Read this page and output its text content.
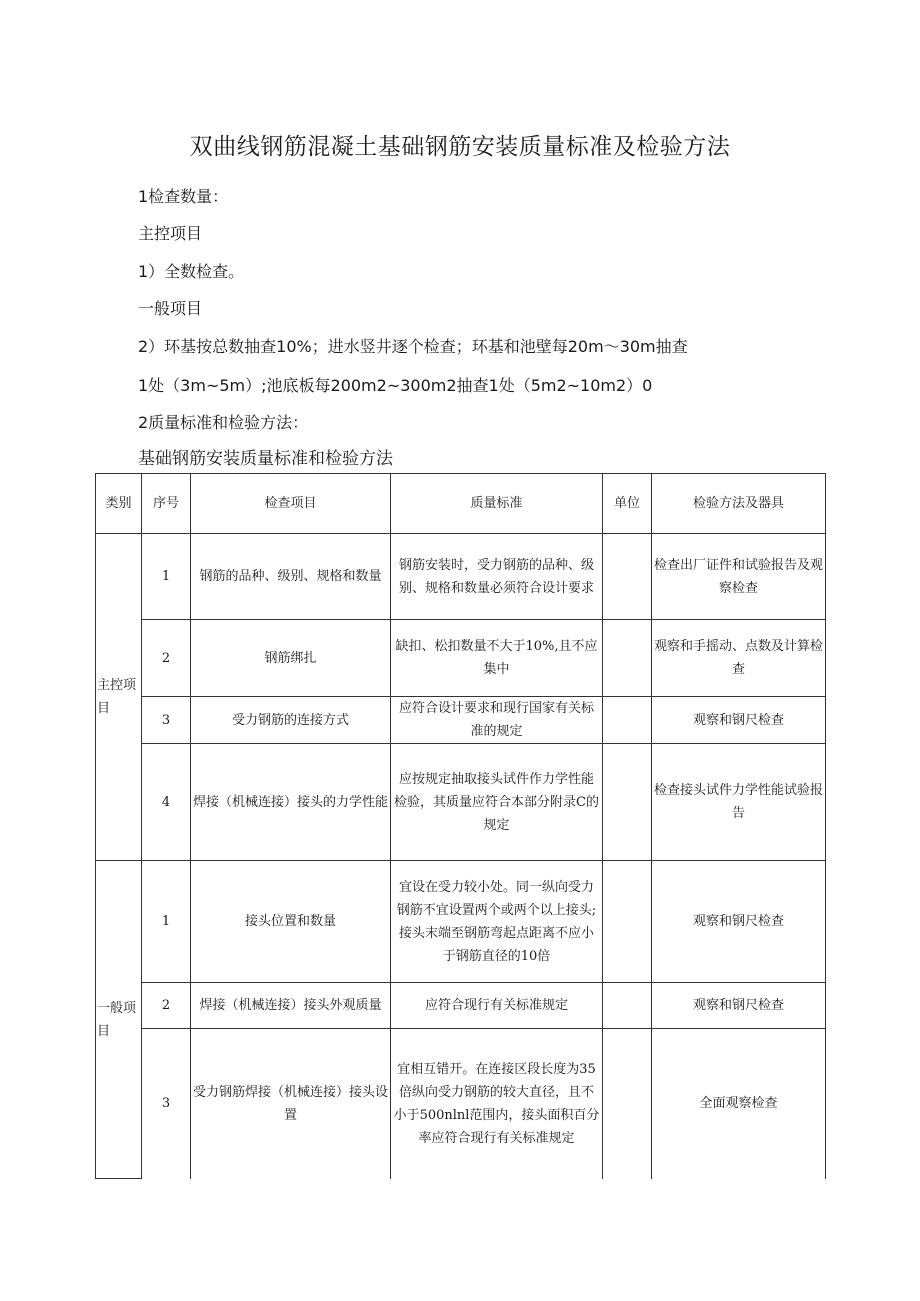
双曲线钢筋混凝土基础钢筋安装质量标准及检验方法
1检查数量：
主控项目
1）全数检查。
一般项目
2）环基按总数抽查10%；进水竖井逐个检查；环基和池壁每20m～30m抽查
1处（3m~5m）;池底板每200m2~300m2抽查1处（5m2~10m2）0
2质量标准和检验方法：
基础钢筋安装质量标准和检验方法
类别	序号	检查项目	质量标准	单位	检验方法及器具
主控项目	1	钢筋的品种、级别、规格和数量	钢筋安装时，受力钢筋的品种、级别、规格和数量必须符合设计要求		检查出厂证件和试验报告及观察检查
	2	钢筋绑扎	缺扣、松扣数量不大于10%,且不应集中		观察和手摇动、点数及计算检查
	3	受力钢筋的连接方式	应符合设计要求和现行国家有关标准的规定		观察和钢尺检查
	4	焊接（机械连接）接头的力学性能	应按规定抽取接头试件作力学性能检验，其质量应符合本部分附录C的规定		检查接头试件力学性能试验报告
一般项目	1	接头位置和数量	宜设在受力较小处。同一纵向受力钢筋不宜设置两个或两个以上接头;接头末端至钢筋弯起点距离不应小于钢筋直径的10倍		观察和钢尺检查
	2	焊接（机械连接）接头外观质量	应符合现行有关标准规定		观察和钢尺检查
	3	受力钢筋焊接（机械连接）接头设置	宜相互错开。在连接区段长度为35倍纵向受力钢筋的较大直径，且不小于500nlnl范围内，接头面积百分率应符合现行有关标准规定		全面观察检查
